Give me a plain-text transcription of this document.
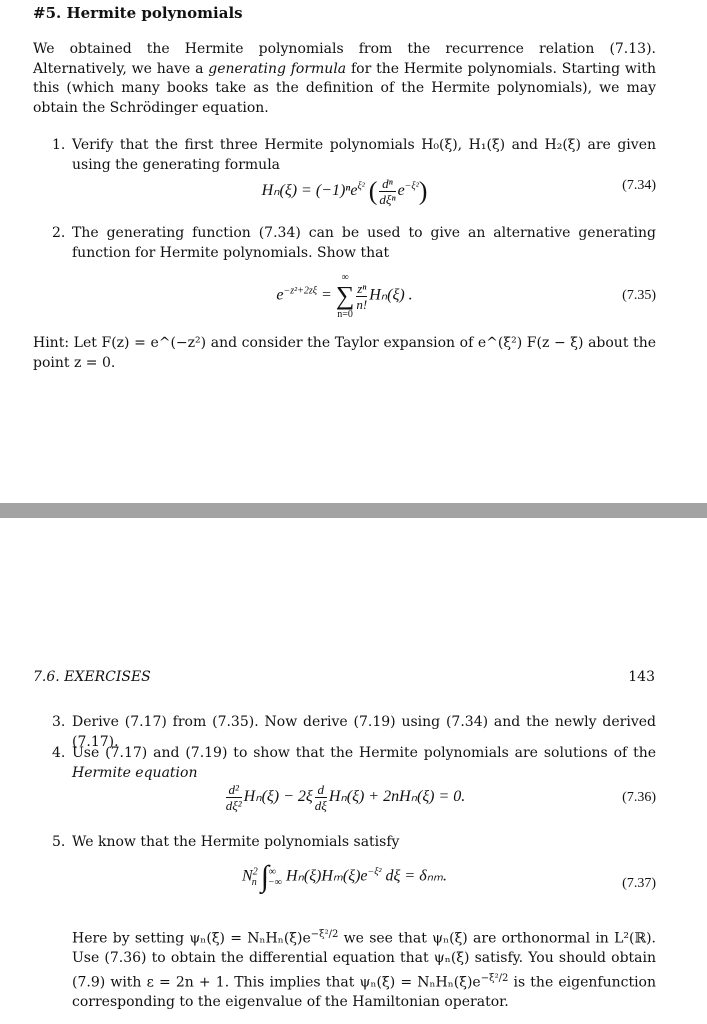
#5. Hermite polynomials
We obtained the Hermite polynomials from the recurrence relation (7.13). Alternatively, we have a generating formula for the Hermite polynomials. Starting with this (which many books take as the definition of the Hermite polynomials), we may obtain the Schrödinger equation.
1. Verify that the first three Hermite polynomials H₀(ξ), H₁(ξ) and H₂(ξ) are given using the generating formula
Hₙ(ξ) = (−1)ⁿe$^{\xi^2}$ ( $\frac{\text{dⁿ}}{\text{dξⁿ}} e^{-\xi^2}$)	(7.34)
2. The generating function (7.34) can be used to give an alternative generating function for Hermite polynomials. Show that
$e^{-z^2+2z\xi}$ =
∞
∑
n=0
$\frac{\text{zⁿ}}{n!} H_n(\xi)$ .	(7.35)
Hint: Let F(z) = e^(−z²) and consider the Taylor expansion of e^(ξ²) F(z − ξ) about the point z = 0.
7.6. EXERCISES	143
3. Derive (7.17) from (7.35). Now derive (7.19) using (7.34) and the newly derived (7.17).
4. Use (7.17) and (7.19) to show that the Hermite polynomials are solutions of the Hermite equation
$\frac{\text{d²}}{\text{dξ²}} H_n(\xi) - 2\xi \frac{d}{d\xi} H_n(\xi) + 2nH_n(\xi) = 0$.	(7.36)
5. We know that the Hermite polynomials satisfy
$N^2_n$ $\int^\infty_{-\infty}$ $H_n(\xi)H_m(\xi)e^{-\xi^2}$ dξ = δₙₘ.	(7.37)
Here by setting $\psi_n(\xi) = N_nH_n(\xi)e^{-\xi^2/2}$ we see that ψₙ(ξ) are orthonormal in L²(ℝ). Use (7.36) to obtain the differential equation that ψₙ(ξ) satisfy. You should obtain (7.9) with ε = 2n + 1. This implies that $\psi_n(\xi) = N_nH_n(\xi)e^{-\xi^2/2}$ is the eigenfunction corresponding to the eigenvalue of the Hamiltonian operator.
